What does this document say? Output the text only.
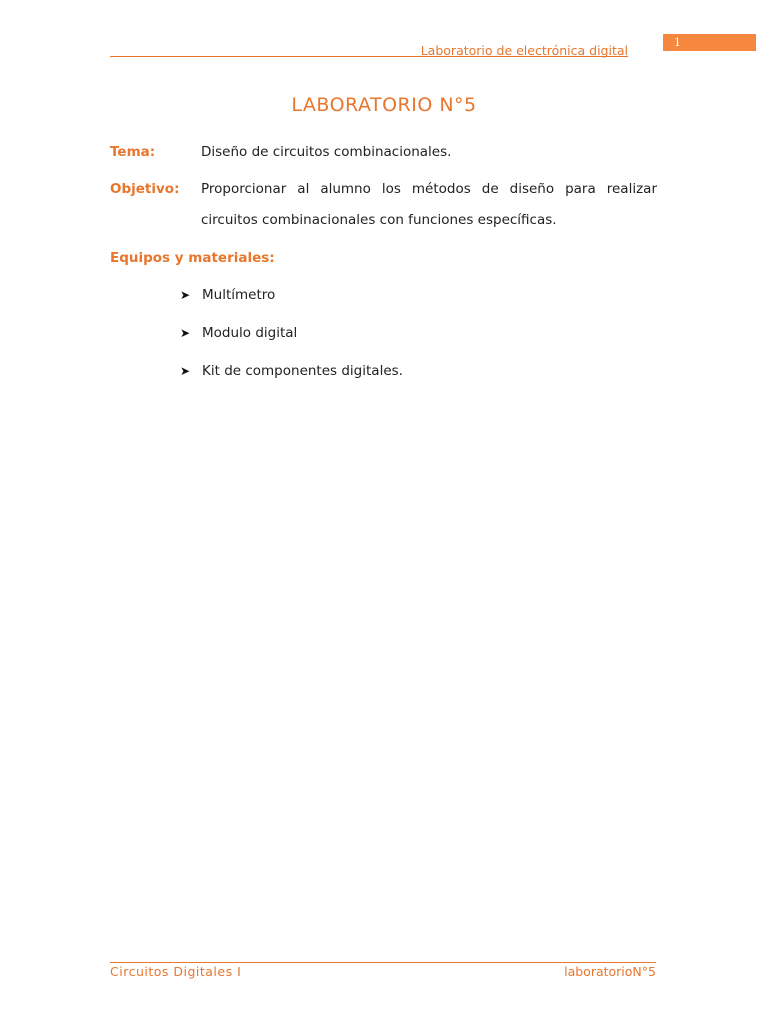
Laboratorio de electrónica digital
1
LABORATORIO N°5
Tema:	Diseño de circuitos combinacionales.
Objetivo: Proporcionar al alumno los métodos de diseño para realizar
circuitos combinacionales con funciones específicas.
Equipos y materiales:
➤ Multímetro
➤ Modulo digital
➤ Kit de componentes digitales.
Circuitos Digitales I	laboratorioN°5
